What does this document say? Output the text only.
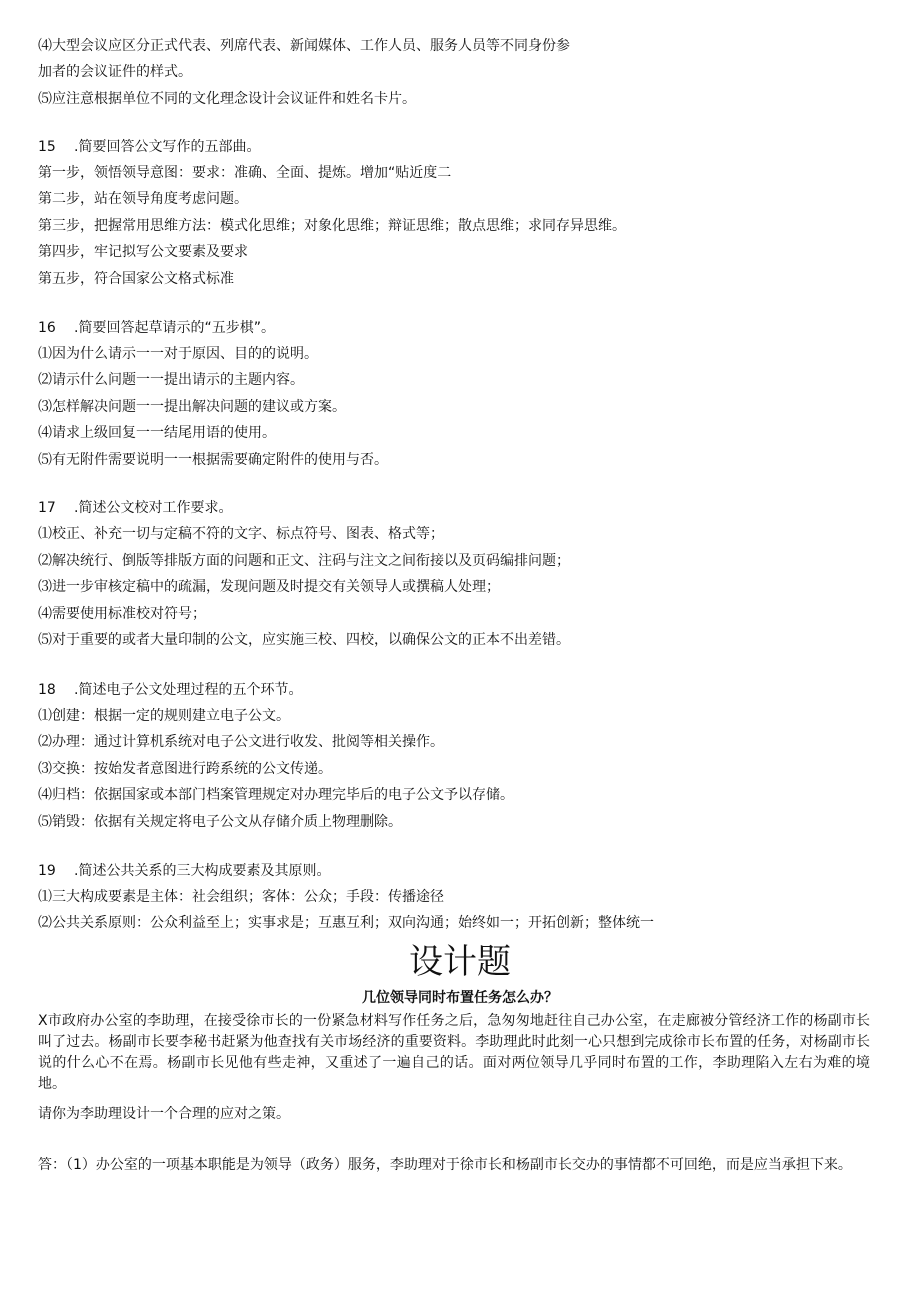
⑷大型会议应区分正式代表、列席代表、新闻媒体、工作人员、服务人员等不同身份参
加者的会议证件的样式。
⑸应注意根据单位不同的文化理念设计会议证件和姓名卡片。
15 .简要回答公文写作的五部曲。
第一步，领悟领导意图：要求：准确、全面、提炼。增加“贴近度二
第二步，站在领导角度考虑问题。
第三步，把握常用思维方法：模式化思维；对象化思维；辩证思维；散点思维；求同存异思维。
第四步，牢记拟写公文要素及要求
第五步，符合国家公文格式标准
16 .简要回答起草请示的“五步棋”。
⑴因为什么请示一一对于原因、目的的说明。
⑵请示什么问题一一提出请示的主题内容。
⑶怎样解决问题一一提出解决问题的建议或方案。
⑷请求上级回复一一结尾用语的使用。
⑸有无附件需要说明一一根据需要确定附件的使用与否。
17 .简述公文校对工作要求。
⑴校正、补充一切与定稿不符的文字、标点符号、图表、格式等；
⑵解决统行、倒版等排版方面的问题和正文、注码与注文之间衔接以及页码编排问题；
⑶进一步审核定稿中的疏漏，发现问题及时提交有关领导人或撰稿人处理；
⑷需要使用标准校对符号；
⑸对于重要的或者大量印制的公文，应实施三校、四校，以确保公文的正本不出差错。
18 .简述电子公文处理过程的五个环节。
⑴创建：根据一定的规则建立电子公文。
⑵办理：通过计算机系统对电子公文进行收发、批阅等相关操作。
⑶交换：按始发者意图进行跨系统的公文传递。
⑷归档：依据国家或本部门档案管理规定对办理完毕后的电子公文予以存储。
⑸销毁：依据有关规定将电子公文从存储介质上物理删除。
19 .简述公共关系的三大构成要素及其原则。
⑴三大构成要素是主体：社会组织；客体：公众；手段：传播途径
⑵公共关系原则：公众利益至上；实事求是；互惠互利；双向沟通；始终如一；开拓创新；整体统一
设计题
几位领导同时布置任务怎么办？
X市政府办公室的李助理，在接受徐市长的一份紧急材料写作任务之后，急匆匆地赶往自己办公室，在走廊被分管经济工作的杨副市长叫了过去。杨副市长要李秘书赶紧为他查找有关市场经济的重要资料。李助理此时此刻一心只想到完成徐市长布置的任务，对杨副市长说的什么心不在焉。杨副市长见他有些走神，又重述了一遍自己的话。面对两位领导几乎同时布置的工作，李助理陷入左右为难的境地。
请你为李助理设计一个合理的应对之策。
答：（1）办公室的一项基本职能是为领导（政务）服务，李助理对于徐市长和杨副市长交办的事情都不可回绝，而是应当承担下来。
